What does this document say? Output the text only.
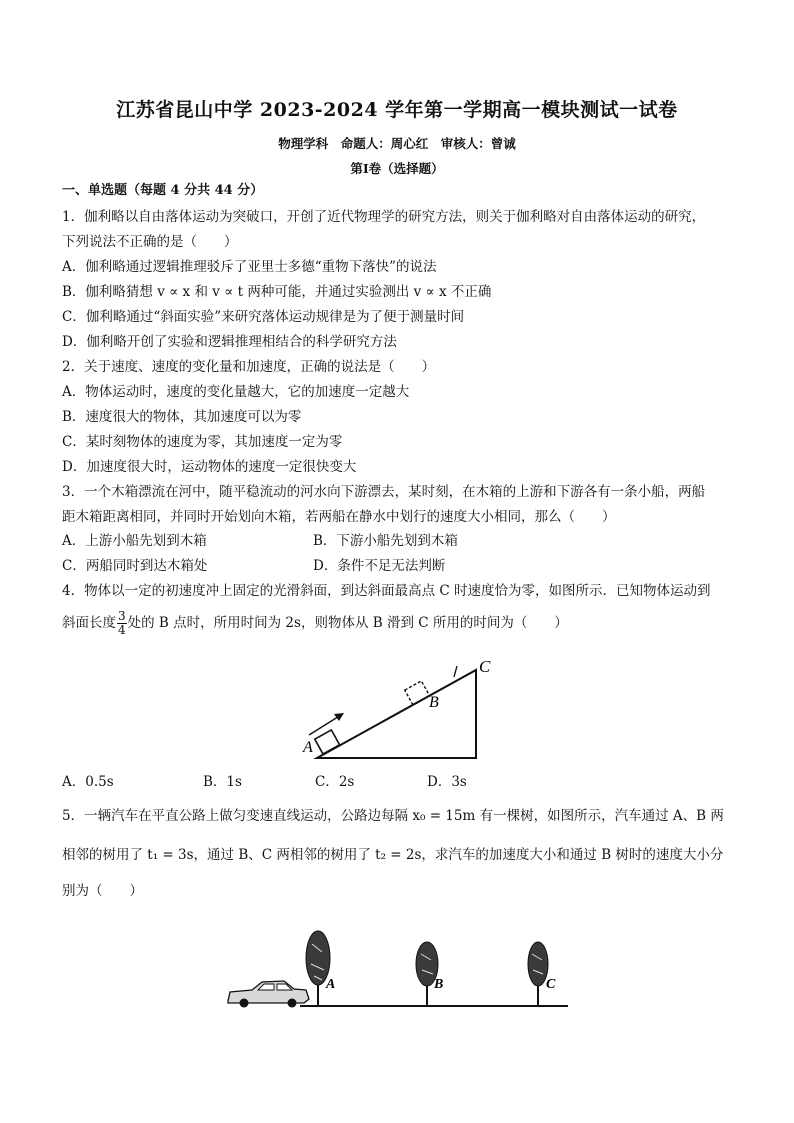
江苏省昆山中学 2023-2024 学年第一学期高一模块测试一试卷
物理学科　命题人：周心红　审核人：曾诚
第Ⅰ卷（选择题）
一、单选题（每题 4 分共 44 分）
1．伽利略以自由落体运动为突破口，开创了近代物理学的研究方法，则关于伽利略对自由落体运动的研究，
下列说法不正确的是（　　）
A．伽利略通过逻辑推理驳斥了亚里士多德“重物下落快”的说法
B．伽利略猜想 v ∝ x 和 v ∝ t 两种可能，并通过实验测出 v ∝ x 不正确
C．伽利略通过“斜面实验”来研究落体运动规律是为了便于测量时间
D．伽利略开创了实验和逻辑推理相结合的科学研究方法
2．关于速度、速度的变化量和加速度，正确的说法是（　　）
A．物体运动时，速度的变化量越大，它的加速度一定越大
B．速度很大的物体，其加速度可以为零
C．某时刻物体的速度为零，其加速度一定为零
D．加速度很大时，运动物体的速度一定很快变大
3．一个木箱漂流在河中，随平稳流动的河水向下游漂去，某时刻，在木箱的上游和下游各有一条小船，两船
距木箱距离相同，并同时开始划向木箱，若两船在静水中划行的速度大小相同，那么（　　）
A．上游小船先划到木箱	B．下游小船先划到木箱
C．两船同时到达木箱处	D．条件不足无法判断
4．物体以一定的初速度冲上固定的光滑斜面，到达斜面最高点 C 时速度恰为零，如图所示．已知物体运动到
斜面长度 $\frac{3}{4}$ 处的 B 点时，所用时间为 2s，则物体从 B 滑到 C 所用的时间为（　　）
A
B
C
A．0.5s	B．1s	C．2s	D．3s
5．一辆汽车在平直公路上做匀变速直线运动，公路边每隔 x₀ = 15m 有一棵树，如图所示，汽车通过 A、B 两
相邻的树用了 t₁ = 3s，通过 B、C 两相邻的树用了 t₂ = 2s，求汽车的加速度大小和通过 B 树时的速度大小分
别为（　　）
A	B	C
